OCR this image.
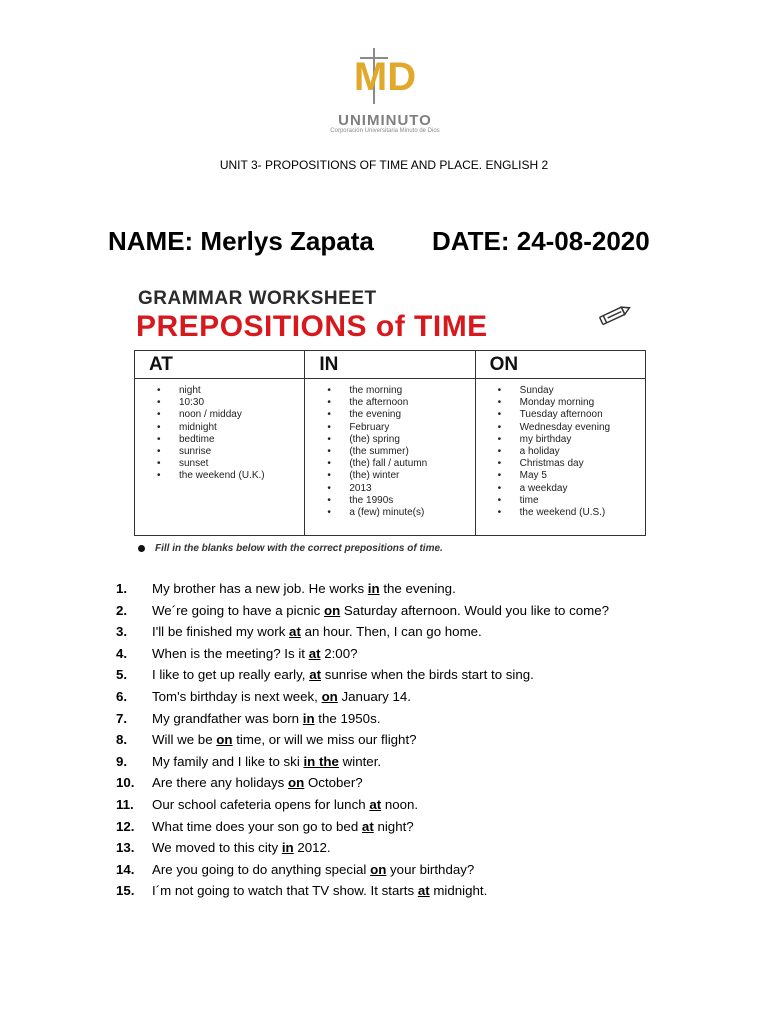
MD
UNIMINUTO
Corporación Universitaria Minuto de Dios
UNIT 3- PROPOSITIONS OF TIME AND PLACE. ENGLISH 2
NAME: Merlys Zapata DATE: 24-08-2020
GRAMMAR WORKSHEET
PREPOSITIONS of TIME
AT
• night
• 10:30
• noon / midday
• midnight
• bedtime
• sunrise
• sunset
• the weekend (U.K.)
IN
• the morning
• the afternoon
• the evening
• February
• (the) spring
• (the summer)
• (the) fall / autumn
• (the) winter
• 2013
• the 1990s
• a (few) minute(s)
ON
• Sunday
• Monday morning
• Tuesday afternoon
• Wednesday evening
• my birthday
• a holiday
• Christmas day
• May 5
• a weekday
• time
• the weekend (U.S.)
Fill in the blanks below with the correct prepositions of time.
1. My brother has a new job. He works in the evening.
2. We´re going to have a picnic on Saturday afternoon. Would you like to come?
3. I'll be finished my work at an hour. Then, I can go home.
4. When is the meeting? Is it at 2:00?
5. I like to get up really early, at sunrise when the birds start to sing.
6. Tom's birthday is next week, on January 14.
7. My grandfather was born in the 1950s.
8. Will we be on time, or will we miss our flight?
9. My family and I like to ski in the winter.
10. Are there any holidays on October?
11. Our school cafeteria opens for lunch at noon.
12. What time does your son go to bed at night?
13. We moved to this city in 2012.
14. Are you going to do anything special on your birthday?
15. I´m not going to watch that TV show. It starts at midnight.
